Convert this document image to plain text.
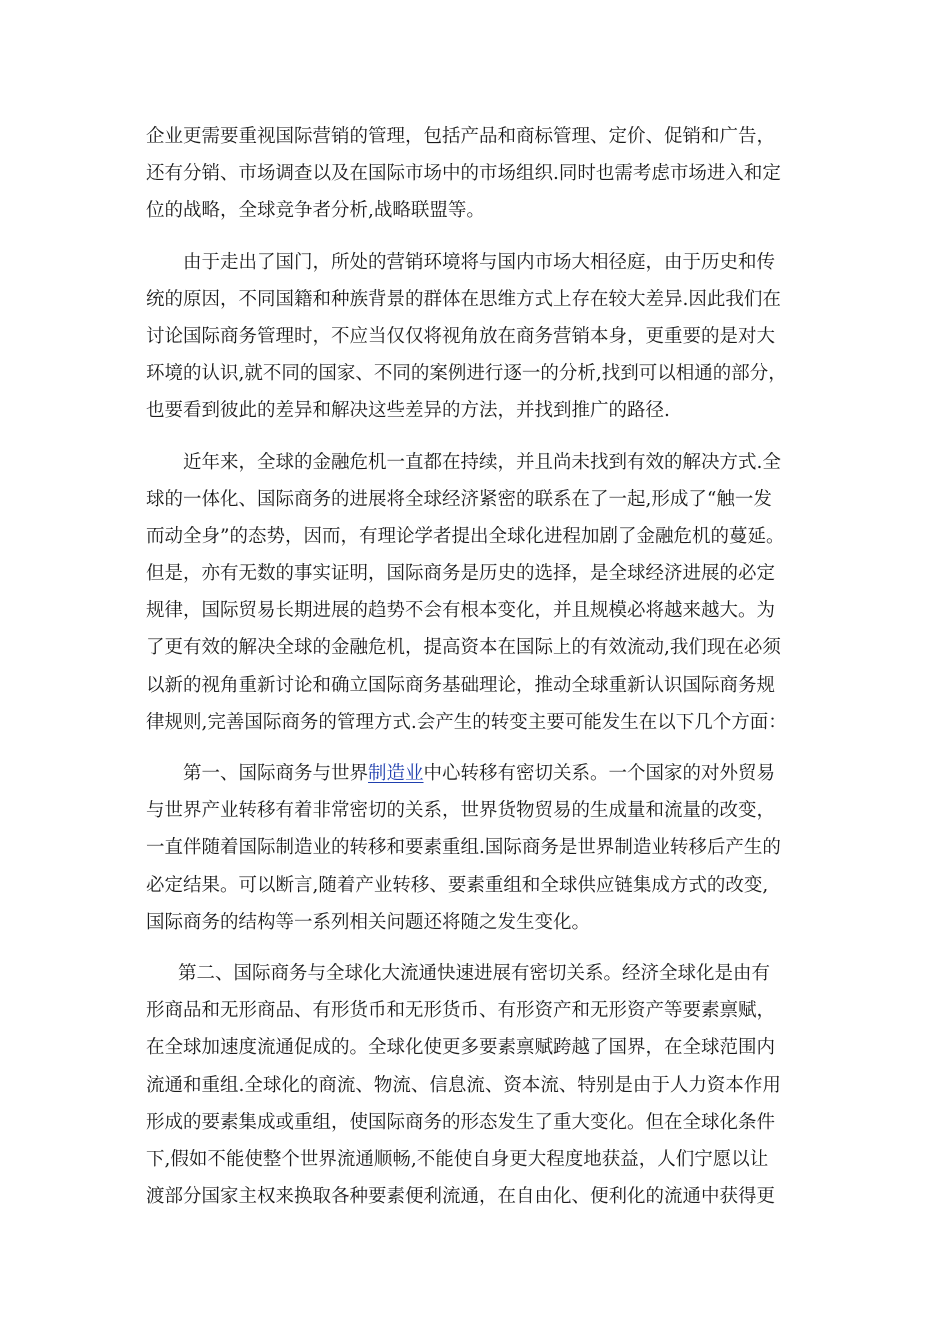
企业更需要重视国际营销的管理，包括产品和商标管理、定价、促销和广告，
还有分销、市场调查以及在国际市场中的市场组织.同时也需考虑市场进入和定
位的战略，全球竞争者分析,战略联盟等。
由于走出了国门，所处的营销环境将与国内市场大相径庭，由于历史和传
统的原因，不同国籍和种族背景的群体在思维方式上存在较大差异.因此我们在
讨论国际商务管理时，不应当仅仅将视角放在商务营销本身，更重要的是对大
环境的认识,就不同的国家、不同的案例进行逐一的分析,找到可以相通的部分，
也要看到彼此的差异和解决这些差异的方法，并找到推广的路径.
近年来，全球的金融危机一直都在持续，并且尚未找到有效的解决方式.全
球的一体化、国际商务的进展将全球经济紧密的联系在了一起,形成了“触一发
而动全身”的态势，因而，有理论学者提出全球化进程加剧了金融危机的蔓延。
但是，亦有无数的事实证明，国际商务是历史的选择，是全球经济进展的必定
规律，国际贸易长期进展的趋势不会有根本变化，并且规模必将越来越大。为
了更有效的解决全球的金融危机，提高资本在国际上的有效流动,我们现在必须
以新的视角重新讨论和确立国际商务基础理论，推动全球重新认识国际商务规
律规则,完善国际商务的管理方式.会产生的转变主要可能发生在以下几个方面：
第一、国际商务与世界制造业中心转移有密切关系。一个国家的对外贸易
与世界产业转移有着非常密切的关系，世界货物贸易的生成量和流量的改变，
一直伴随着国际制造业的转移和要素重组.国际商务是世界制造业转移后产生的
必定结果。可以断言,随着产业转移、要素重组和全球供应链集成方式的改变,
国际商务的结构等一系列相关问题还将随之发生变化。
第二、国际商务与全球化大流通快速进展有密切关系。经济全球化是由有
形商品和无形商品、有形货币和无形货币、有形资产和无形资产等要素禀赋，
在全球加速度流通促成的。全球化使更多要素禀赋跨越了国界，在全球范围内
流通和重组.全球化的商流、物流、信息流、资本流、特别是由于人力资本作用
形成的要素集成或重组，使国际商务的形态发生了重大变化。但在全球化条件
下,假如不能使整个世界流通顺畅,不能使自身更大程度地获益，人们宁愿以让
渡部分国家主权来换取各种要素便利流通，在自由化、便利化的流通中获得更
